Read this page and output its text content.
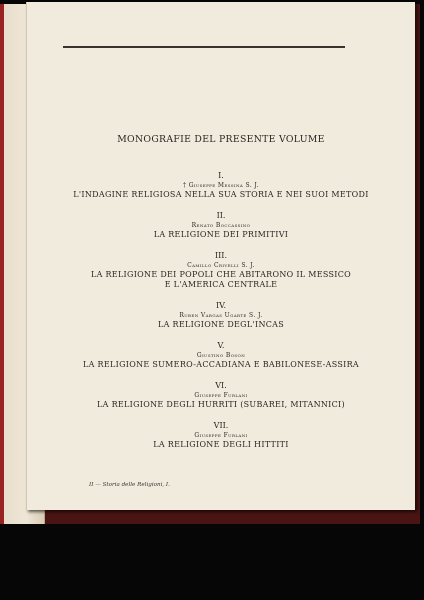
MONOGRAFIE DEL PRESENTE VOLUME
I.
† Giuseppe Messina S. J.
L'INDAGINE RELIGIOSA NELLA SUA STORIA E NEI SUOI METODI
II.
Renato Boccassino
LA RELIGIONE DEI PRIMITIVI
III.
Camillo Crivelli S. J.
LA RELIGIONE DEI POPOLI CHE ABITARONO IL MESSICO
E L'AMERICA CENTRALE
IV.
Ruben Vargas Ugarte S. J.
LA RELIGIONE DEGL'INCAS
V.
Giustino Boson
LA RELIGIONE SUMERO-ACCADIANA E BABILONESE-ASSIRA
VI.
Giuseppe Furlani
LA RELIGIONE DEGLI HURRITI (SUBAREI, MITANNICI)
VII.
Giuseppe Furlani
LA RELIGIONE DEGLI HITTITI
II — Storia delle Religioni, I.
